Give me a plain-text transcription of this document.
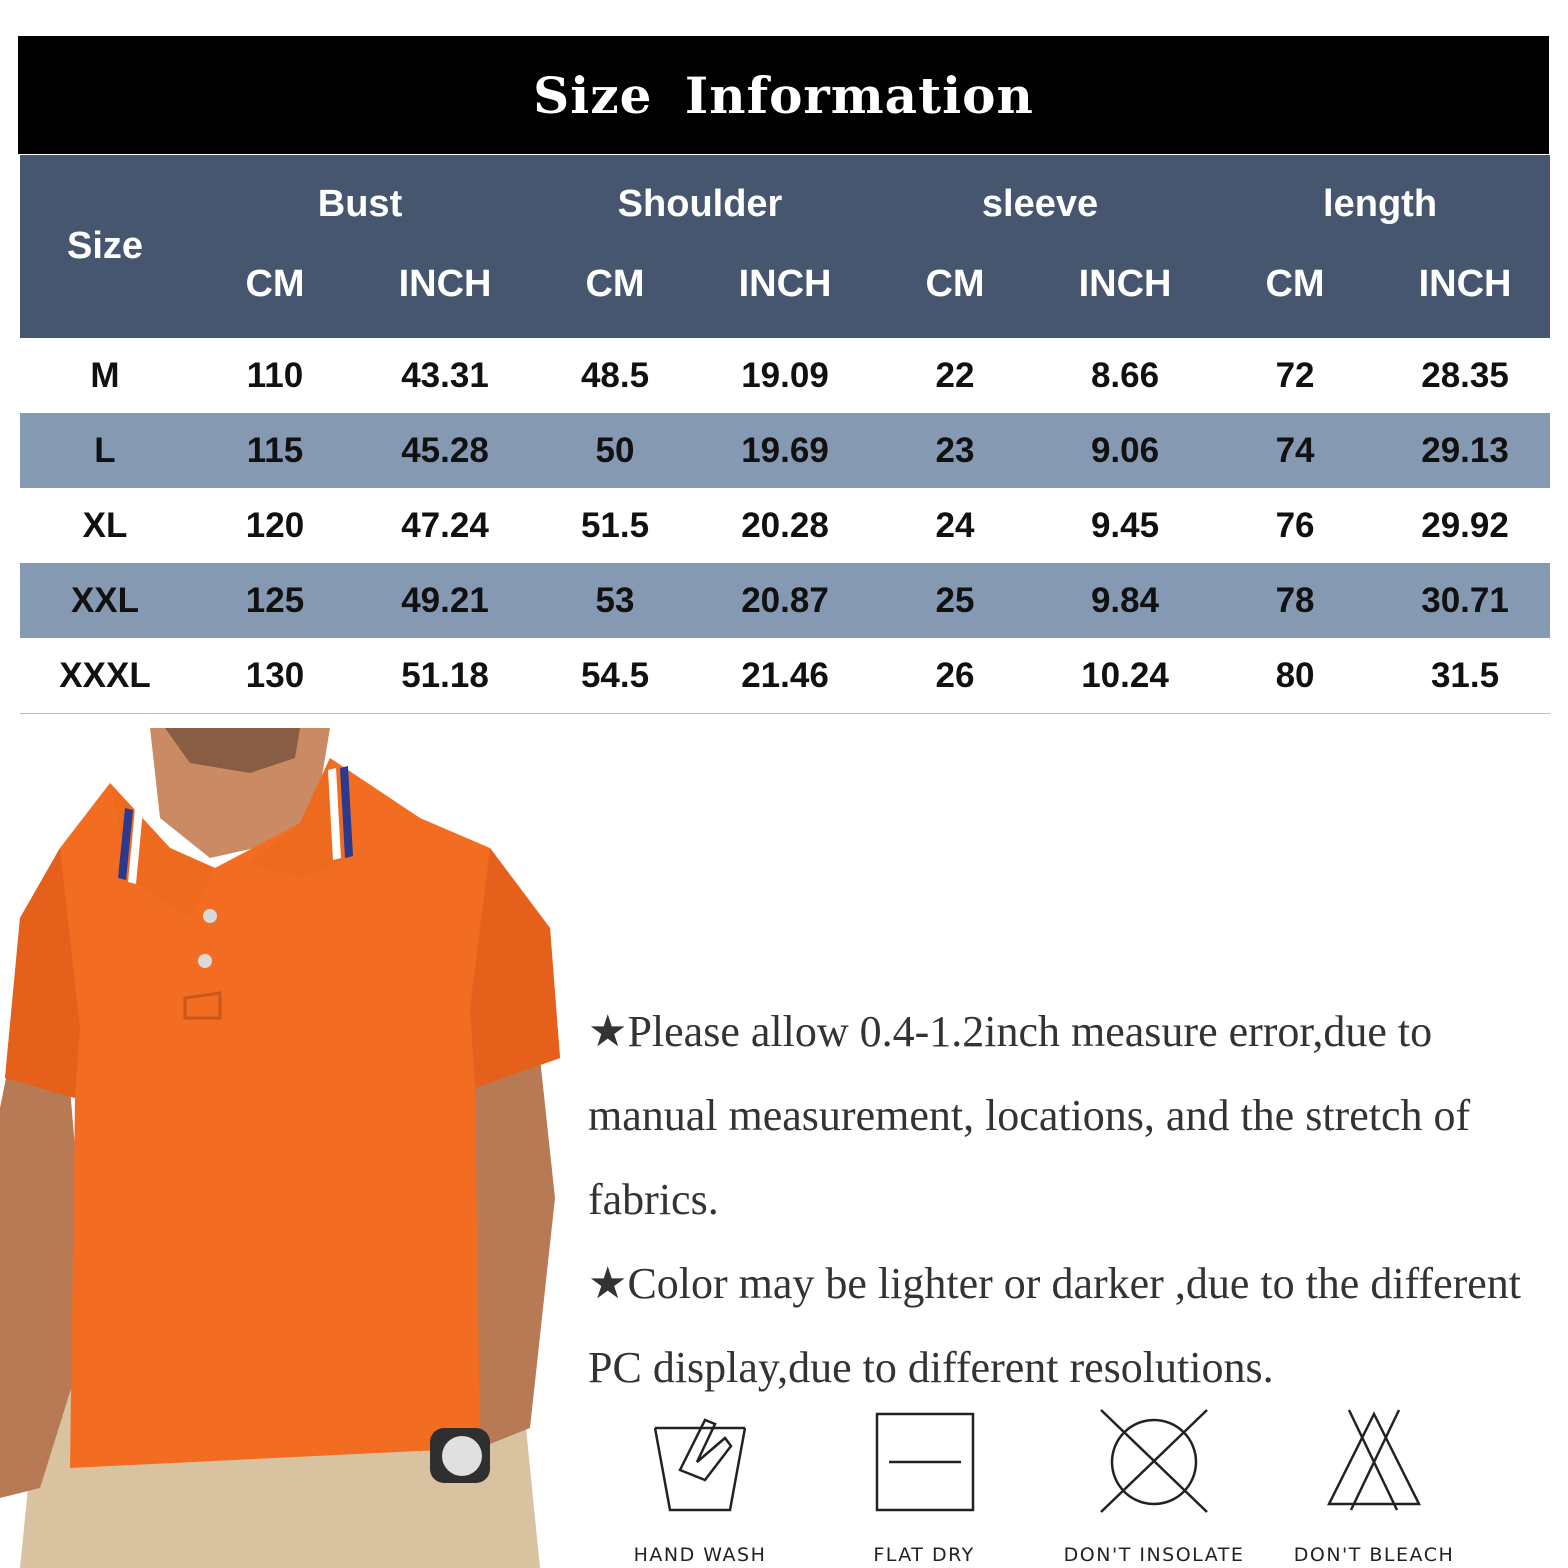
Size Information
Size	Bust		Shoulder		sleeve		length	
	CM	INCH	CM	INCH	CM	INCH	CM	INCH
M	110	43.31	48.5	19.09	22	8.66	72	28.35
L	115	45.28	50	19.69	23	9.06	74	29.13
XL	120	47.24	51.5	20.28	24	9.45	76	29.92
XXL	125	49.21	53	20.87	25	9.84	78	30.71
XXXL	130	51.18	54.5	21.46	26	10.24	80	31.5

★Please allow 0.4-1.2inch measure error,due to manual measurement, locations, and the stretch of fabrics.

★Color may be lighter or darker ,due to the different PC display,due to different resolutions.

HAND WASH	FLAT DRY	DON'T INSOLATE	DON'T BLEACH
